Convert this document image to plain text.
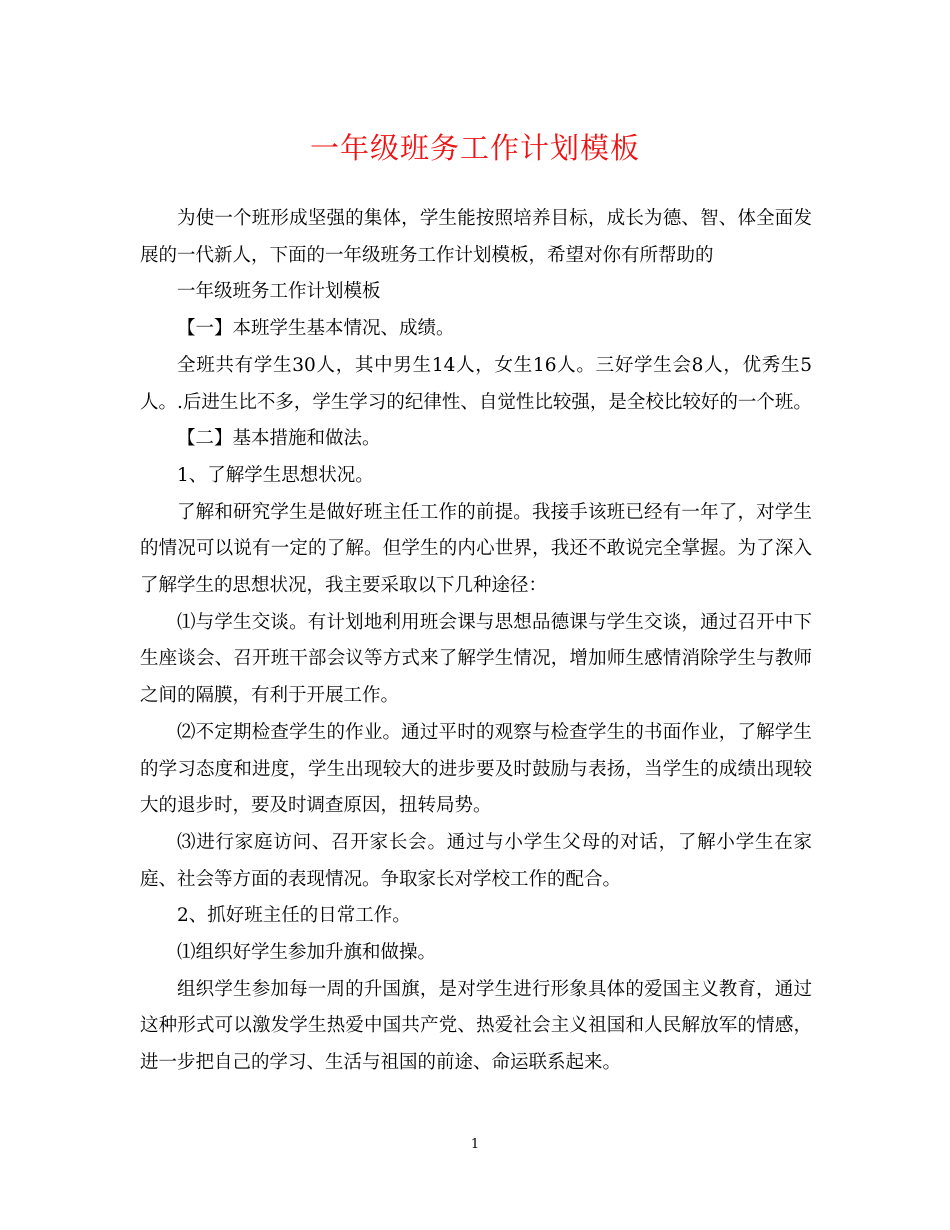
一年级班务工作计划模板

为使一个班形成坚强的集体，学生能按照培养目标，成长为德、智、体全面发展的一代新人，下面的一年级班务工作计划模板，希望对你有所帮助的

一年级班务工作计划模板

【一】本班学生基本情况、成绩。

全班共有学生30人，其中男生14人，女生16人。三好学生会8人，优秀生5人。.后进生比不多，学生学习的纪律性、自觉性比较强，是全校比较好的一个班。

【二】基本措施和做法。

1、了解学生思想状况。

了解和研究学生是做好班主任工作的前提。我接手该班已经有一年了，对学生的情况可以说有一定的了解。但学生的内心世界，我还不敢说完全掌握。为了深入了解学生的思想状况，我主要采取以下几种途径：

⑴与学生交谈。有计划地利用班会课与思想品德课与学生交谈，通过召开中下生座谈会、召开班干部会议等方式来了解学生情况，增加师生感情消除学生与教师之间的隔膜，有利于开展工作。

⑵不定期检查学生的作业。通过平时的观察与检查学生的书面作业，了解学生的学习态度和进度，学生出现较大的进步要及时鼓励与表扬，当学生的成绩出现较大的退步时，要及时调查原因，扭转局势。

⑶进行家庭访问、召开家长会。通过与小学生父母的对话，了解小学生在家庭、社会等方面的表现情况。争取家长对学校工作的配合。

2、抓好班主任的日常工作。

⑴组织好学生参加升旗和做操。

组织学生参加每一周的升国旗，是对学生进行形象具体的爱国主义教育，通过这种形式可以激发学生热爱中国共产党、热爱社会主义祖国和人民解放军的情感，进一步把自己的学习、生活与祖国的前途、命运联系起来。

1
